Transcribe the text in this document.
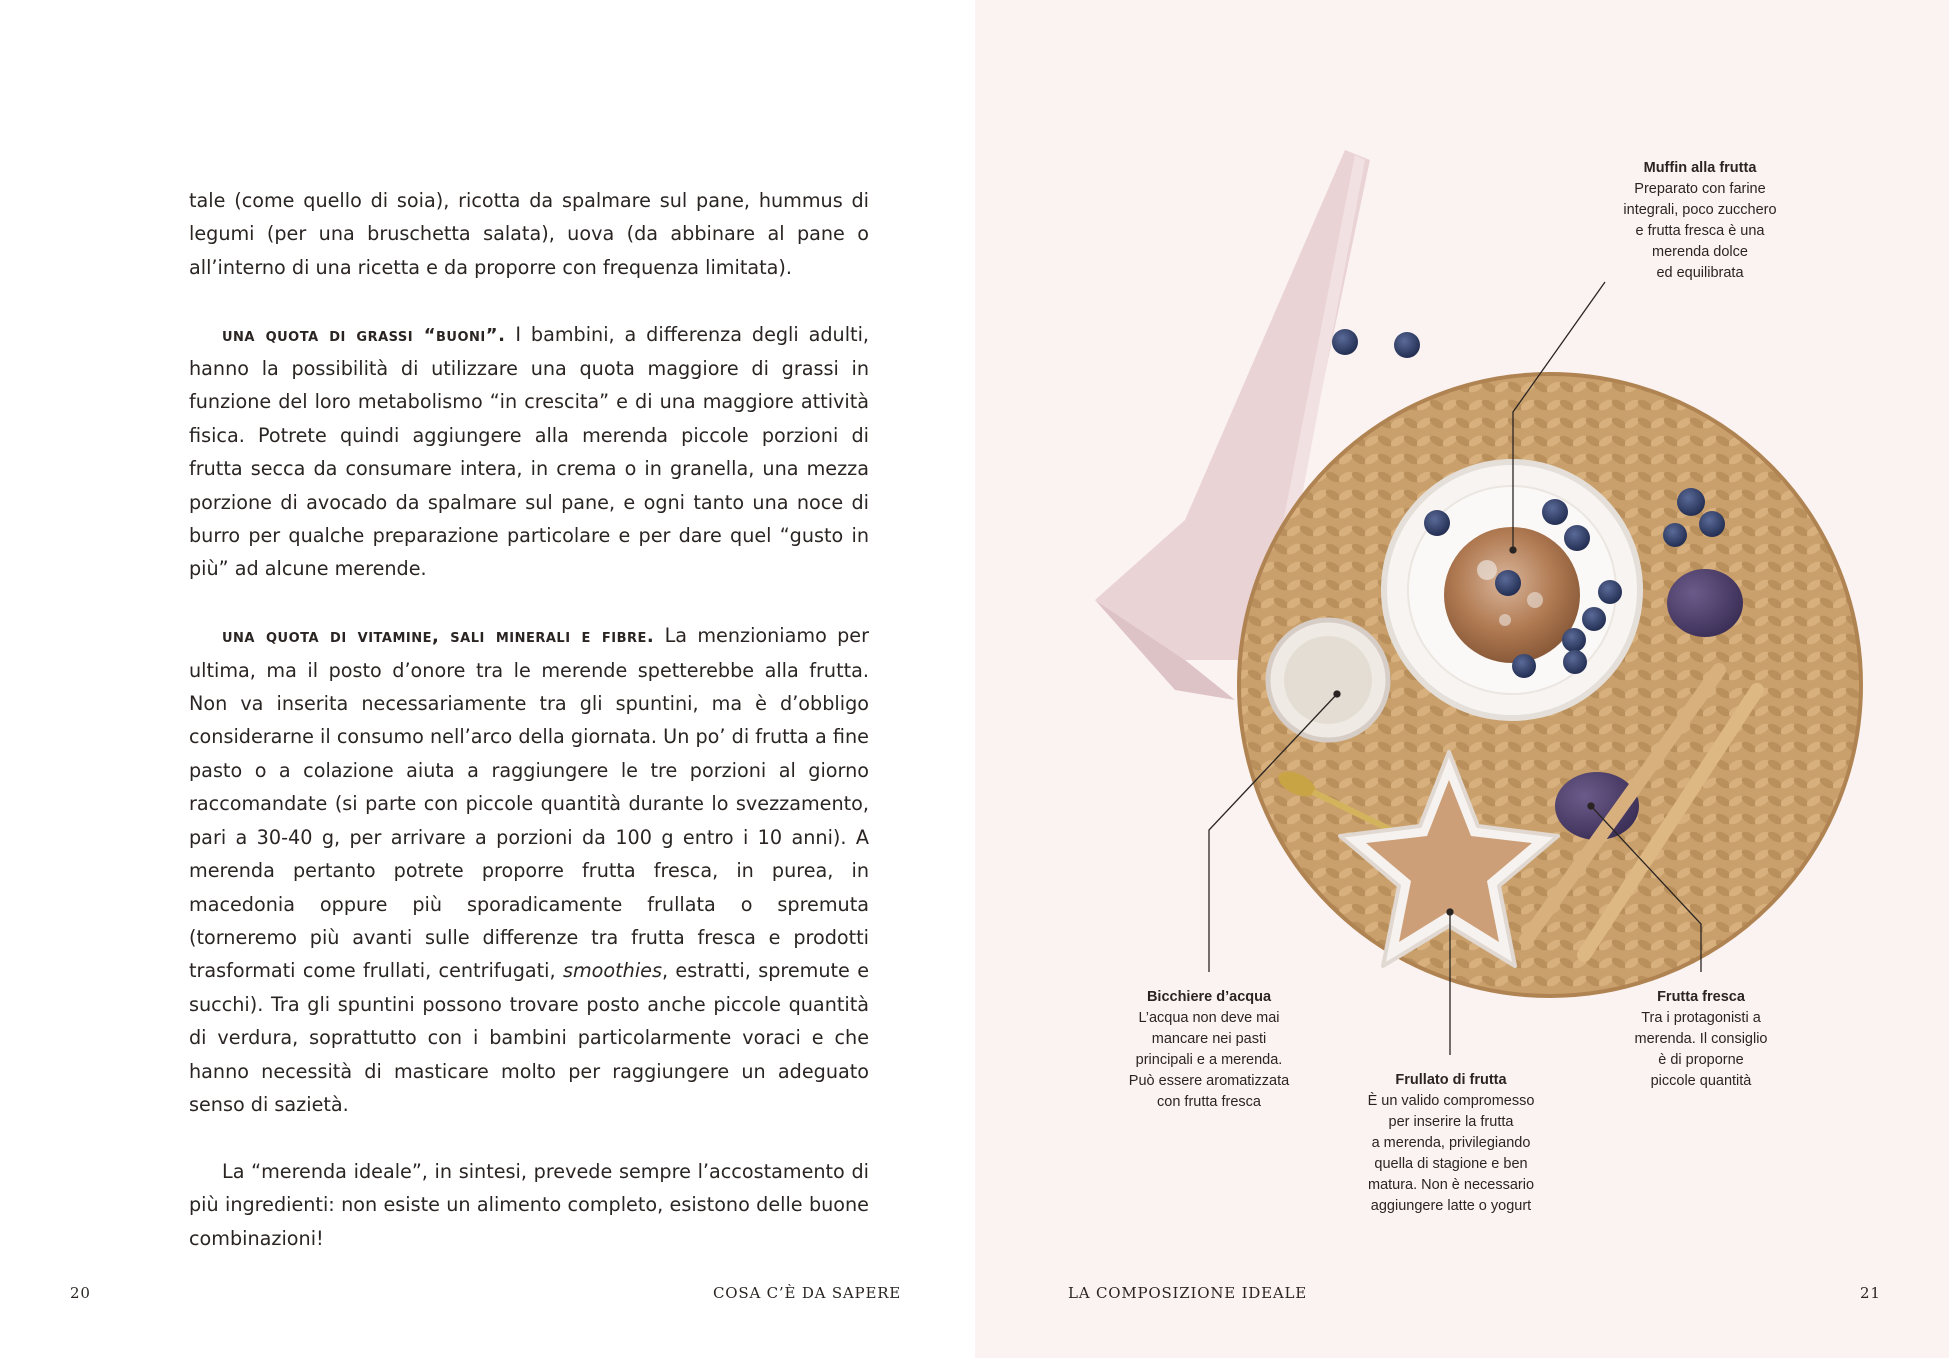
tale (come quello di soia), ricotta da spalmare sul pane, hummus di legumi (per una bruschetta salata), uova (da abbinare al pane o all’interno di una ricetta e da proporre con frequenza limitata).

una quota di grassi “buoni”. I bambini, a differenza degli adulti, hanno la possibilità di utilizzare una quota maggiore di grassi in funzione del loro metabolismo “in crescita” e di una maggiore attività fisica. Potrete quindi aggiungere alla merenda piccole porzioni di frutta secca da consumare intera, in crema o in granella, una mezza porzione di avocado da spalmare sul pane, e ogni tanto una noce di burro per qualche preparazione particolare e per dare quel “gusto in più” ad alcune merende.

una quota di vitamine, sali minerali e fibre. La menzioniamo per ultima, ma il posto d’onore tra le merende spetterebbe alla frutta. Non va inserita necessariamente tra gli spuntini, ma è d’obbligo considerarne il consumo nell’arco della giornata. Un po’ di frutta a fine pasto o a colazione aiuta a raggiungere le tre porzioni al giorno raccomandate (si parte con piccole quantità durante lo svezzamento, pari a 30-40 g, per arrivare a porzioni da 100 g entro i 10 anni). A merenda pertanto potrete proporre frutta fresca, in purea, in macedonia oppure più sporadicamente frullata o spremuta (torneremo più avanti sulle differenze tra frutta fresca e prodotti trasformati come frullati, centrifugati, smoothies, estratti, spremute e succhi). Tra gli spuntini possono trovare posto anche piccole quantità di verdura, soprattutto con i bambini particolarmente voraci e che hanno necessità di masticare molto per raggiungere un adeguato senso di sazietà.

La “merenda ideale”, in sintesi, prevede sempre l’accostamento di più ingredienti: non esiste un alimento completo, esistono delle buone combinazioni!

20	COSA C’È DA SAPERE
Muffin alla frutta
Preparato con farine
integrali, poco zucchero
e frutta fresca è una
merenda dolce
ed equilibrata
Bicchiere d’acqua
L’acqua non deve mai
mancare nei pasti
principali e a merenda.
Può essere aromatizzata
con frutta fresca
Frullato di frutta
È un valido compromesso
per inserire la frutta
a merenda, privilegiando
quella di stagione e ben
matura. Non è necessario
aggiungere latte o yogurt
Frutta fresca
Tra i protagonisti a
merenda. Il consiglio
è di proporne
piccole quantità
LA COMPOSIZIONE IDEALE	21
